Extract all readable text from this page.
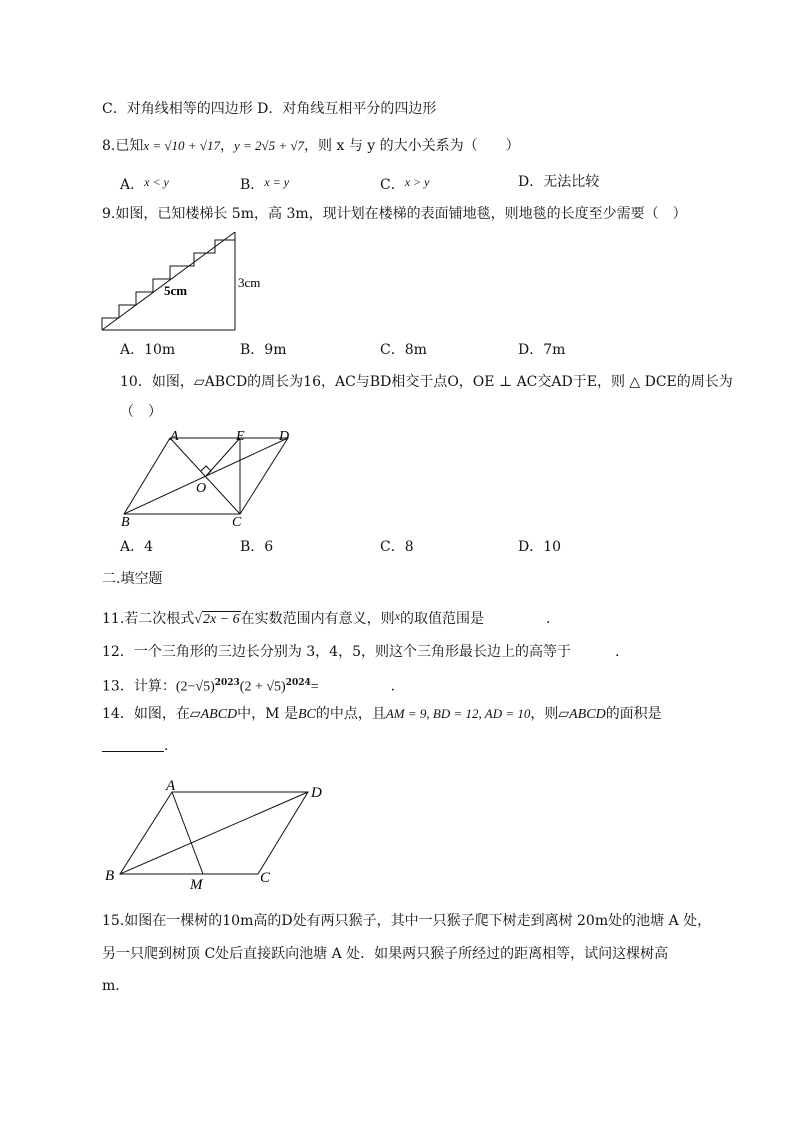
C．对角线相等的四边形 D．对角线互相平分的四边形
8.已知x = √10 + √17，y = 2√5 + √7，则 x 与 y 的大小关系为（　　）
A．x < y	B．x = y	C．x > y	D．无法比较
9.如图，已知楼梯长 5m，高 3m，现计划在楼梯的表面铺地毯，则地毯的长度至少需要（　）
5cm
3cm
A．10m	B．9m	C．8m	D．7m
10．如图，▱ABCD的周长为16，AC与BD相交于点O，OE ⊥ AC交AD于E，则 △ DCE的周长为
（　）
A	E D
O
B	C
A．4	B．6	C．8	D．10
二.填空题
11.若二次根式√2x − 6在实数范围内有意义，则x的取值范围是	.
12．一个三角形的三边长分别为 3，4，5，则这个三角形最长边上的高等于	.
13．计算：$(2-√5)^{2023}(2 + √5)^{2024}=$	.
14．如图，在▱ABCD中，M 是BC的中点，且AM = 9, BD = 12, AD = 10，则▱ABCD的面积是
.
A	D
B
M	C
15.如图在一棵树的10m高的D处有两只猴子，其中一只猴子爬下树走到离树 20m处的池塘 A 处，
另一只爬到树顶 C处后直接跃向池塘 A 处．如果两只猴子所经过的距离相等，试问这棵树高
m．
